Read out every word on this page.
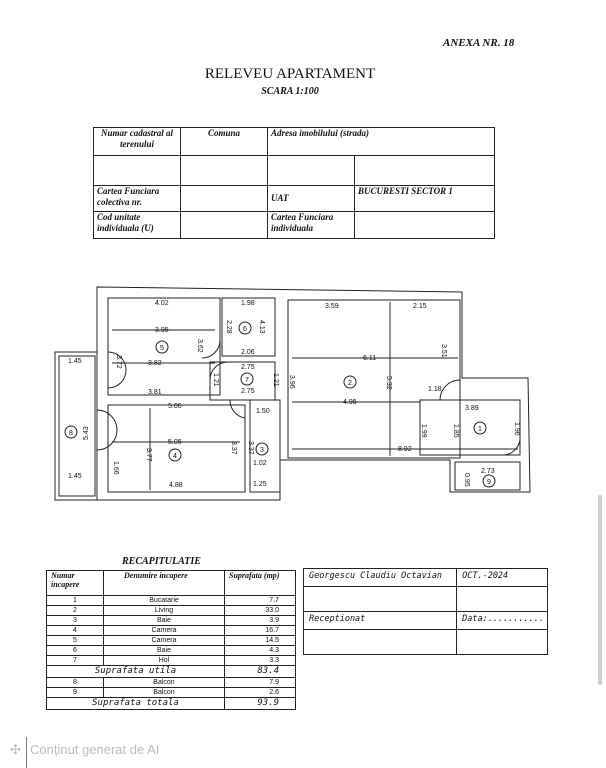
ANEXA NR. 18
RELEVEU APARTAMENT
SCARA 1:100
Numar cadastral al terenului	Comuna	Adresa imobilului (strada)	

Cartea Funciara colectiva nr.		UAT	BUCURESTI SECTOR 1
Cod unitate individuala (U)		Cartea Funciara individuala	
1
2
3
4
5
6
7
8
9
4.02
3.95
3.82
3.81
5.06
5.05
4.88
1.45
1.45
5.43
3.72
3.62
1.98
2.28	4.13
2.06
2.75
2.75
1.21	1.21
1.50
3.96
3.77
1.66
3.37 3.37
1.02
1.25
3.59	2.15
6.11
3.51
5.32	1.18
4.95
3.89
1.99	1.85	1.96
8.92
2.73
0.95
RECAPITULATIE
Numar incapere	Denumire incapere	Suprafata (mp)
1	Bucatarie	7.7
2	Living	33.0
3	Baie	3.9
4	Camera	16.7
5	Camera	14.5
6	Baie	4.3
7	Hol	3.3
Suprafata utila		83.4
8	Balcon	7.9
9	Balcon	2.6
Suprafata totala		93.9
Georgescu Claudiu Octavian	OCT.-2024

Receptionat	Data:...........

✣ Conținut generat de AI
